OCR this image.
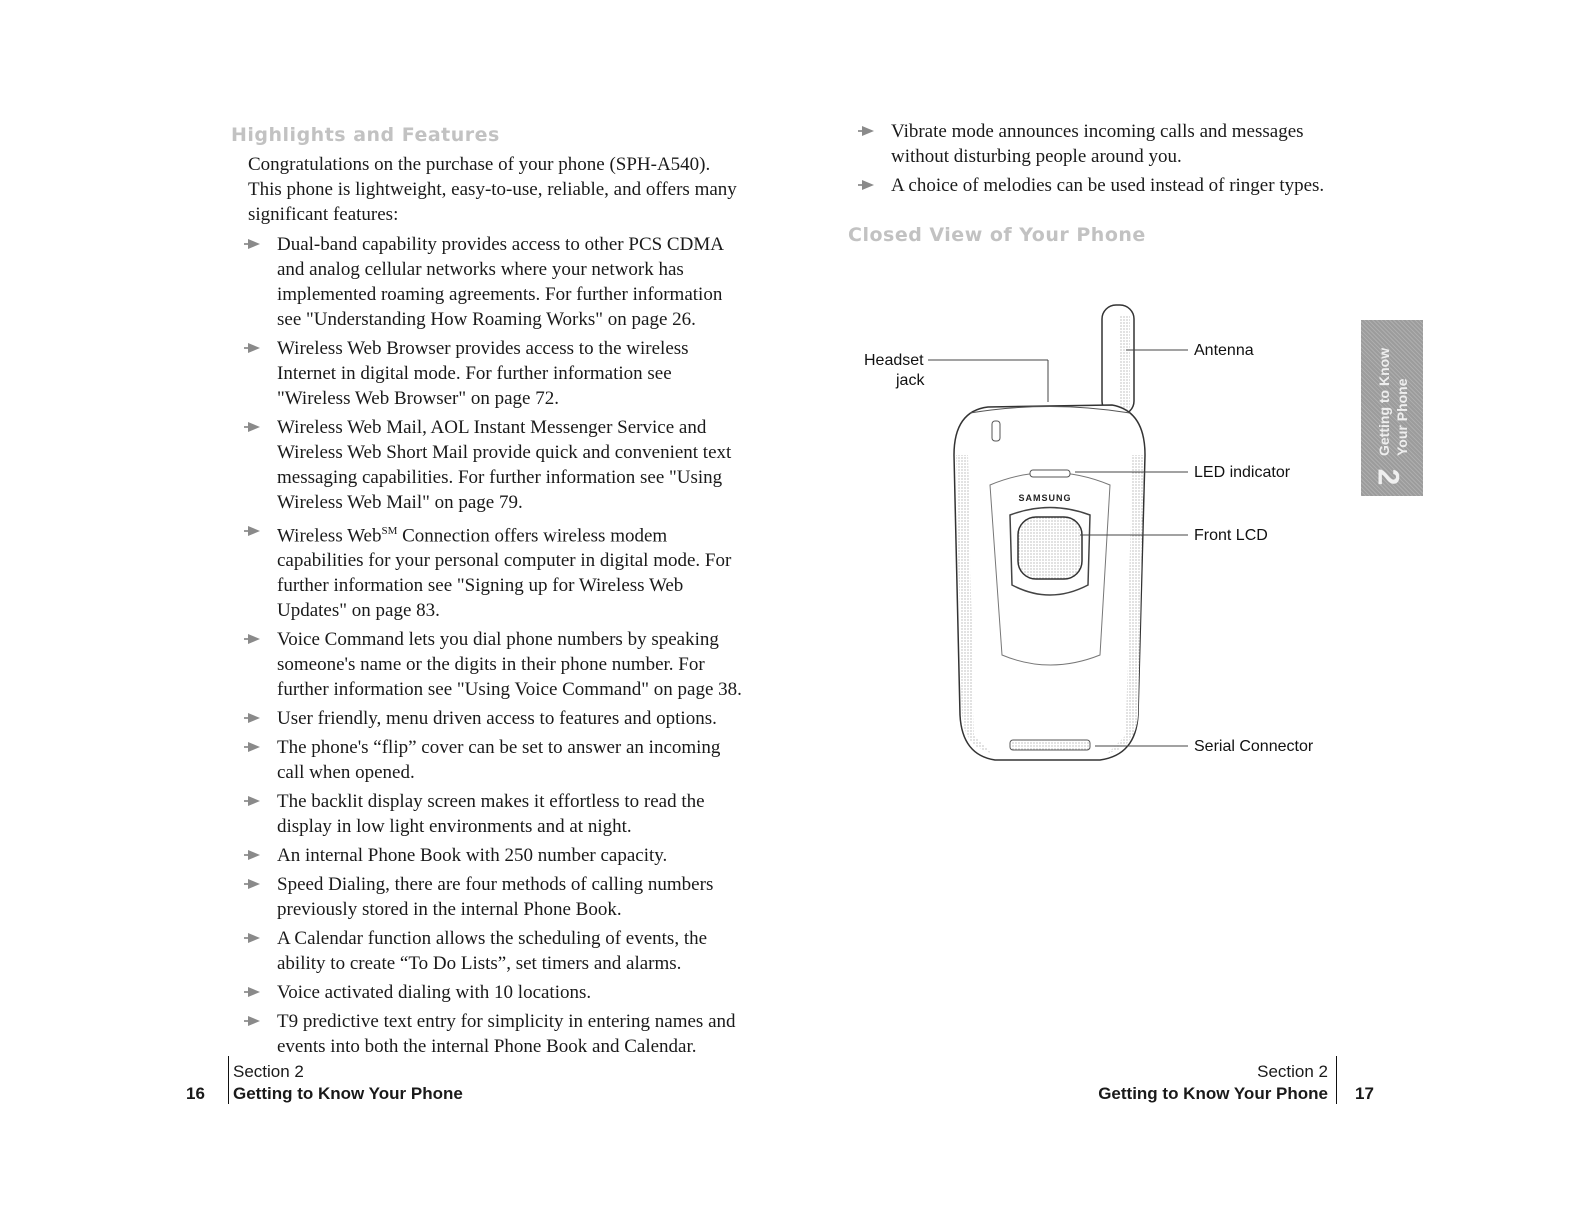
Highlights and Features
Congratulations on the purchase of your phone (SPH-A540). This phone is lightweight, easy-to-use, reliable, and offers many significant features:
Dual-band capability provides access to other PCS CDMA and analog cellular networks where your network has implemented roaming agreements. For further information see "Understanding How Roaming Works" on page 26.
Wireless Web Browser provides access to the wireless Internet in digital mode. For further information see "Wireless Web Browser" on page 72.
Wireless Web Mail, AOL Instant Messenger Service and Wireless Web Short Mail provide quick and convenient text messaging capabilities. For further information see "Using Wireless Web Mail" on page 79.
Wireless Web℠ Connection offers wireless modem capabilities for your personal computer in digital mode. For further information see "Signing up for Wireless Web Updates" on page 83.
Voice Command lets you dial phone numbers by speaking someone's name or the digits in their phone number. For further information see "Using Voice Command" on page 38.
User friendly, menu driven access to features and options.
The phone's “flip” cover can be set to answer an incoming call when opened.
The backlit display screen makes it effortless to read the display in low light environments and at night.
An internal Phone Book with 250 number capacity.
Speed Dialing, there are four methods of calling numbers previously stored in the internal Phone Book.
A Calendar function allows the scheduling of events, the ability to create “To Do Lists”, set timers and alarms.
Voice activated dialing with 10 locations.
T9 predictive text entry for simplicity in entering names and events into both the internal Phone Book and Calendar.
Section 2
Getting to Know Your Phone
16
Vibrate mode announces incoming calls and messages without disturbing people around you.
A choice of melodies can be used instead of ringer types.
Closed View of Your Phone
SAMSUNG
Headset
jack
Antenna
LED indicator
Front LCD
Serial Connector
Getting to Know Your Phone
2
Section 2
Getting to Know Your Phone 17
